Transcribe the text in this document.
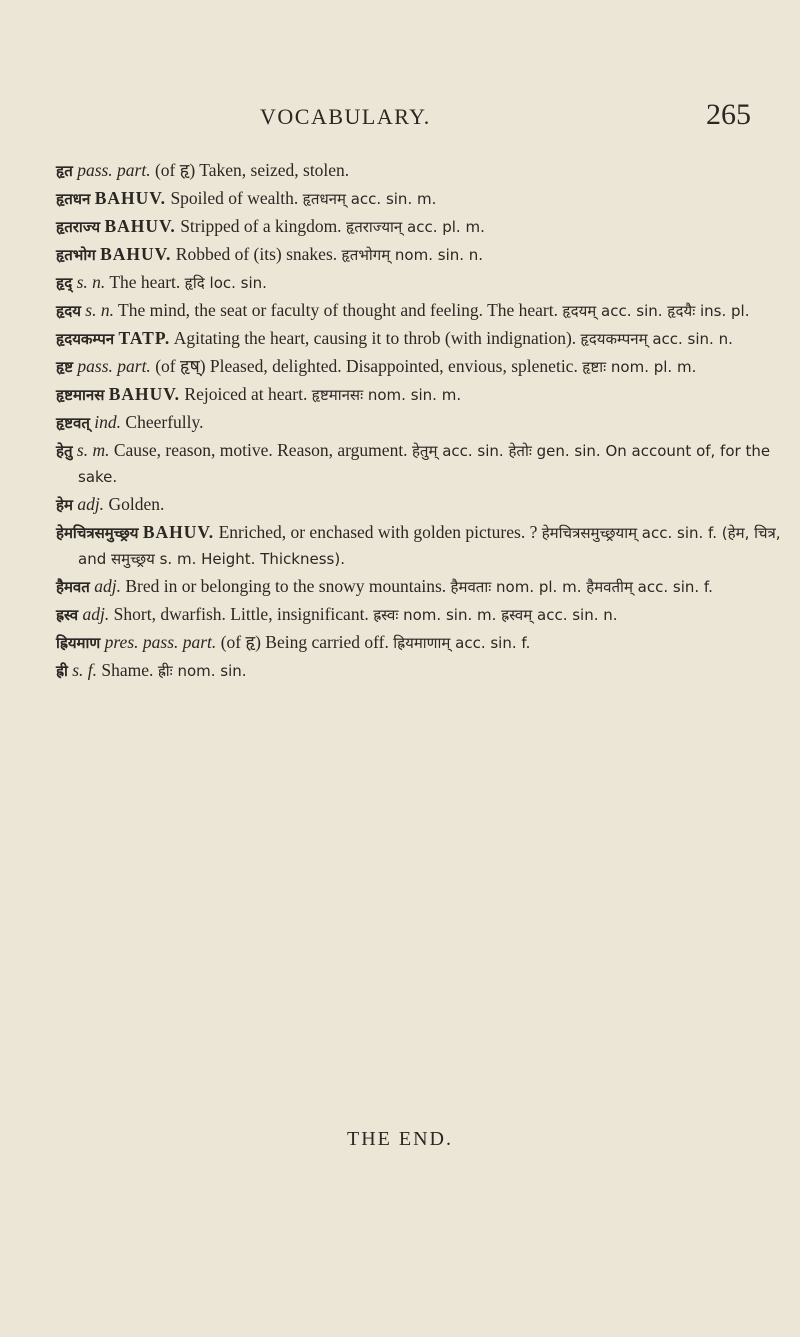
VOCABULARY.	265

हृत pass. part. (of हृ) Taken, seized, stolen.

हृतधन BAHUV. Spoiled of wealth. हृतधनम् acc. sin. m.

हृतराज्य BAHUV. Stripped of a kingdom. हृतराज्यान् acc. pl. m.

हृतभोग BAHUV. Robbed of (its) snakes. हृतभोगम् nom. sin. n.

हृद् s. n. The heart. हृदि loc. sin.

हृदय s. n. The mind, the seat or faculty of thought and feeling. The heart. हृदयम् acc. sin. हृदयैः ins. pl.

हृदयकम्पन TATP. Agitating the heart, causing it to throb (with indignation). हृदयकम्पनम् acc. sin. n.

हृष्ट pass. part. (of हृष्) Pleased, delighted. Disappointed, envious, splenetic. हृष्टाः nom. pl. m.

हृष्टमानस BAHUV. Rejoiced at heart. हृष्टमानसः nom. sin. m.

हृष्टवत् ind. Cheerfully.

हेतु s. m. Cause, reason, motive. Reason, argument. हेतुम् acc. sin. हेतोः gen. sin. On account of, for the sake.

हेम adj. Golden.

हेमचित्रसमुच्छ्रय BAHUV. Enriched, or enchased with golden pictures. ? हेमचित्रसमुच्छ्रयाम् acc. sin. f. (हेम, चित्र, and समुच्छ्रय s. m. Height. Thickness).

हैमवत adj. Bred in or belonging to the snowy mountains. हैमवताः nom. pl. m. हैमवतीम् acc. sin. f.

ह्रस्व adj. Short, dwarfish. Little, insignificant. ह्रस्वः nom. sin. m. ह्रस्वम् acc. sin. n.

ह्रियमाण pres. pass. part. (of हृ) Being carried off. ह्रियमाणाम् acc. sin. f.

ह्री s. f. Shame. ह्रीः nom. sin.

THE END.
